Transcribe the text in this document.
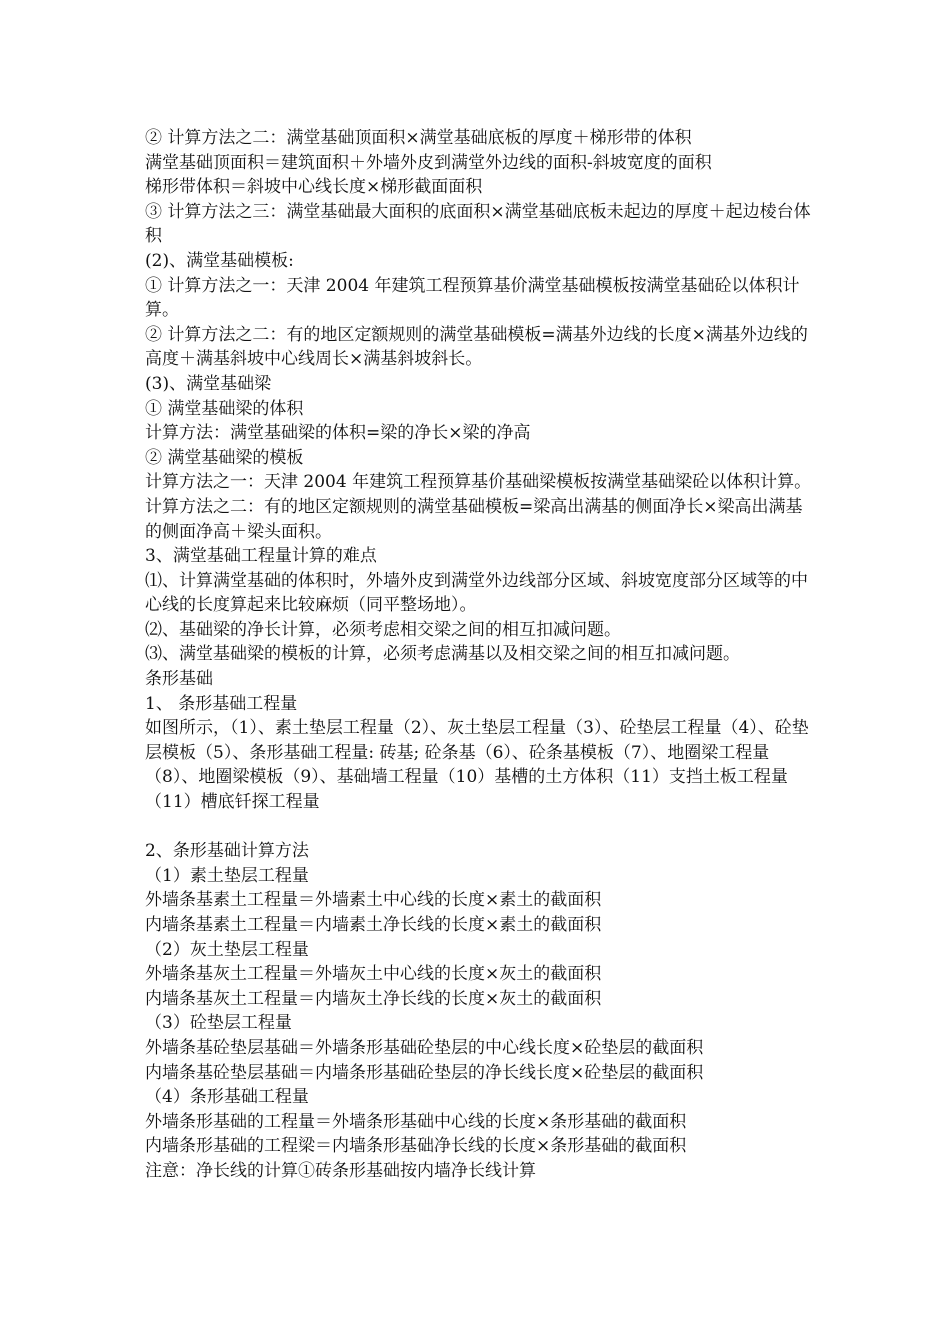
② 计算方法之二：满堂基础顶面积×满堂基础底板的厚度＋梯形带的体积

满堂基础顶面积＝建筑面积＋外墙外皮到满堂外边线的面积-斜坡宽度的面积

梯形带体积＝斜坡中心线长度×梯形截面面积

③ 计算方法之三：满堂基础最大面积的底面积×满堂基础底板未起边的厚度＋起边棱台体积

(2)、满堂基础模板:

① 计算方法之一：天津 2004 年建筑工程预算基价满堂基础模板按满堂基础砼以体积计算。

② 计算方法之二：有的地区定额规则的满堂基础模板=满基外边线的长度×满基外边线的高度＋满基斜坡中心线周长×满基斜坡斜长。

(3)、满堂基础梁

① 满堂基础梁的体积

计算方法：满堂基础梁的体积=梁的净长×梁的净高

② 满堂基础梁的模板

计算方法之一：天津 2004 年建筑工程预算基价基础梁模板按满堂基础梁砼以体积计算。

计算方法之二：有的地区定额规则的满堂基础模板=梁高出满基的侧面净长×梁高出满基的侧面净高＋梁头面积。

3、满堂基础工程量计算的难点

⑴、计算满堂基础的体积时，外墙外皮到满堂外边线部分区域、斜坡宽度部分区域等的中心线的长度算起来比较麻烦（同平整场地）。

⑵、基础梁的净长计算，必须考虑相交梁之间的相互扣减问题。

⑶、满堂基础梁的模板的计算，必须考虑满基以及相交梁之间的相互扣减问题。

条形基础

1、 条形基础工程量

如图所示，（1）、素土垫层工程量（2）、灰土垫层工程量（3）、砼垫层工程量（4）、砼垫层模板（5）、条形基础工程量: 砖基; 砼条基（6）、砼条基模板（7）、地圈梁工程量（8）、地圈梁模板（9）、基础墙工程量（10）基槽的土方体积（11）支挡土板工程量（11）槽底钎探工程量

2、条形基础计算方法

（1）素土垫层工程量

外墙条基素土工程量＝外墙素土中心线的长度×素土的截面积

内墙条基素土工程量＝内墙素土净长线的长度×素土的截面积

（2）灰土垫层工程量

外墙条基灰土工程量＝外墙灰土中心线的长度×灰土的截面积

内墙条基灰土工程量＝内墙灰土净长线的长度×灰土的截面积

（3）砼垫层工程量

外墙条基砼垫层基础＝外墙条形基础砼垫层的中心线长度×砼垫层的截面积

内墙条基砼垫层基础＝内墙条形基础砼垫层的净长线长度×砼垫层的截面积

（4）条形基础工程量

外墙条形基础的工程量＝外墙条形基础中心线的长度×条形基础的截面积

内墙条形基础的工程梁＝内墙条形基础净长线的长度×条形基础的截面积

注意：净长线的计算①砖条形基础按内墙净长线计算
